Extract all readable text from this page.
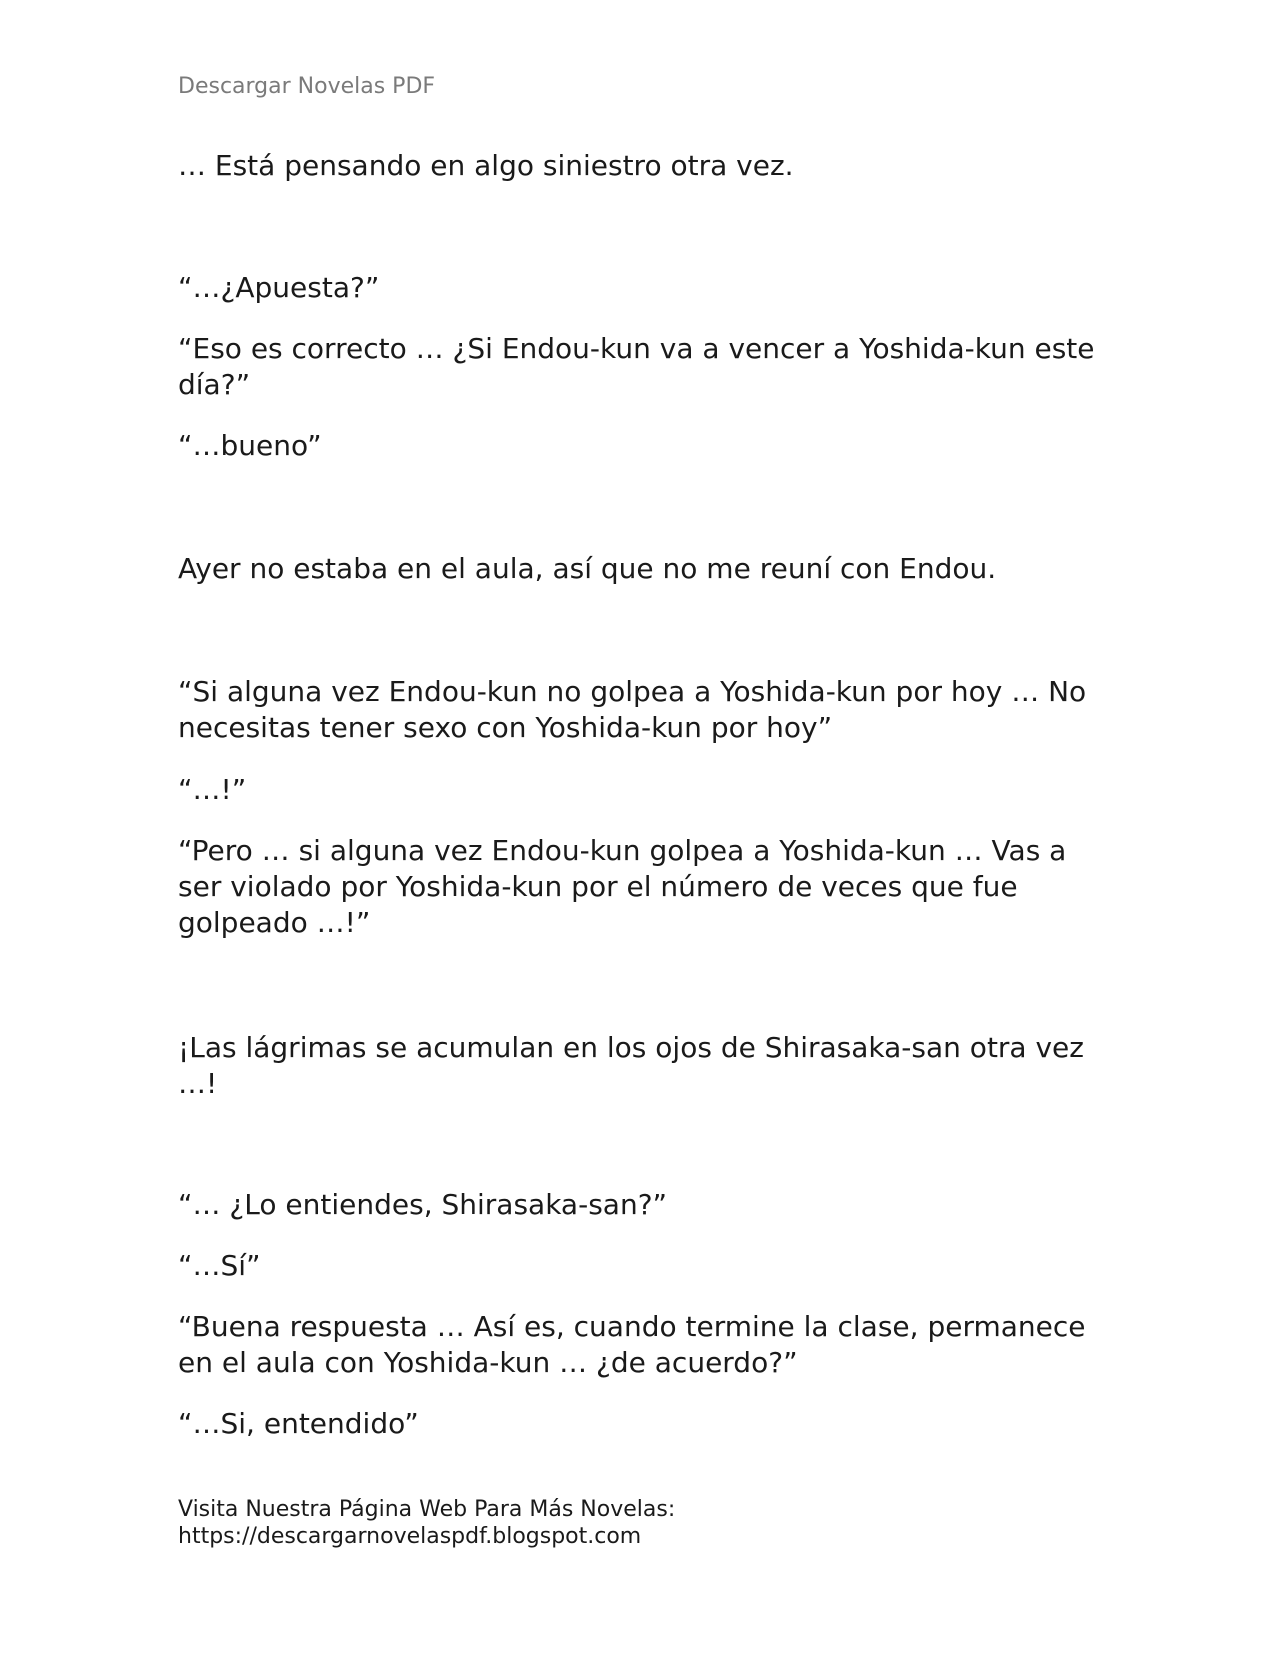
Descargar Novelas PDF

… Está pensando en algo siniestro otra vez.

“…¿Apuesta?”

“Eso es correcto … ¿Si Endou-kun va a vencer a Yoshida-kun este día?”

“…bueno”

Ayer no estaba en el aula, así que no me reuní con Endou.

“Si alguna vez Endou-kun no golpea a Yoshida-kun por hoy … No necesitas tener sexo con Yoshida-kun por hoy”

“…!”

“Pero … si alguna vez Endou-kun golpea a Yoshida-kun … Vas a ser violado por Yoshida-kun por el número de veces que fue golpeado …!”

¡Las lágrimas se acumulan en los ojos de Shirasaka-san otra vez …!

“… ¿Lo entiendes, Shirasaka-san?”

“…Sí”

“Buena respuesta … Así es, cuando termine la clase, permanece en el aula con Yoshida-kun … ¿de acuerdo?”

“…Si, entendido”

Visita Nuestra Página Web Para Más Novelas:
https://descargarnovelaspdf.blogspot.com
